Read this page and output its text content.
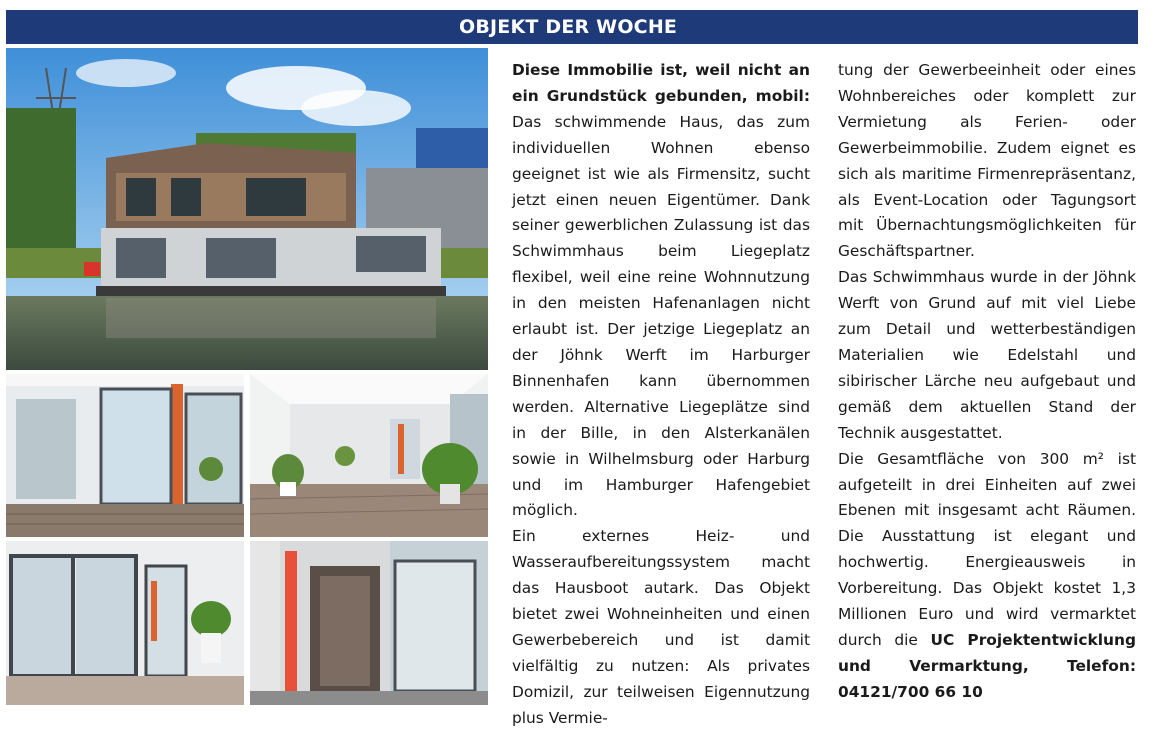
OBJEKT DER WOCHE

Diese Immobilie ist, weil nicht an ein Grundstück gebunden, mobil: Das schwimmende Haus, das zum individuellen Wohnen ebenso geeignet ist wie als Firmensitz, sucht jetzt einen neuen Eigentümer. Dank seiner gewerblichen Zulassung ist das Schwimmhaus beim Liegeplatz flexibel, weil eine reine Wohnnutzung in den meisten Hafenanlagen nicht erlaubt ist. Der jetzige Liegeplatz an der Jöhnk Werft im Harburger Binnenhafen kann übernommen werden. Alternative Liegeplätze sind in der Bille, in den Alsterkanälen sowie in Wilhelmsburg oder Harburg und im Hamburger Hafengebiet möglich.

Ein externes Heiz- und Wasseraufbereitungssystem macht das Hausboot autark. Das Objekt bietet zwei Wohneinheiten und einen Gewerbebereich und ist damit vielfältig zu nutzen: Als privates Domizil, zur teilweisen Eigennutzung plus Vermie-

tung der Gewerbeeinheit oder eines Wohnbereiches oder komplett zur Vermietung als Ferien- oder Gewerbeimmobilie. Zudem eignet es sich als maritime Firmenrepräsentanz, als Event-Location oder Tagungsort mit Übernachtungsmöglichkeiten für Geschäftspartner.

Das Schwimmhaus wurde in der Jöhnk Werft von Grund auf mit viel Liebe zum Detail und wetterbeständigen Materialien wie Edelstahl und sibirischer Lärche neu aufgebaut und gemäß dem aktuellen Stand der Technik ausgestattet.

Die Gesamtfläche von 300 m² ist aufgeteilt in drei Einheiten auf zwei Ebenen mit insgesamt acht Räumen. Die Ausstattung ist elegant und hochwertig. Energieausweis in Vorbereitung. Das Objekt kostet 1,3 Millionen Euro und wird vermarktet durch die UC Projektentwicklung und Vermarktung, Telefon: 04121/700 66 10
